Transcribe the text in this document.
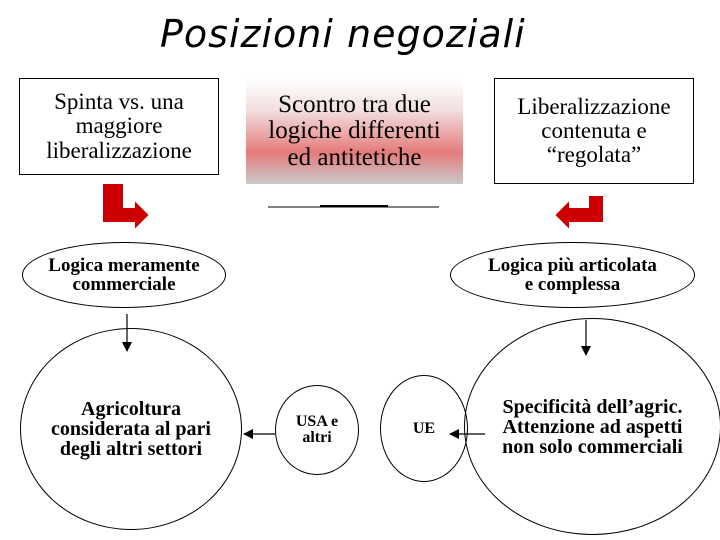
Posizioni negoziali
Spinta vs. una
maggiore
liberalizzazione
Scontro tra due
logiche differenti
ed antitetiche
Liberalizzazione
contenuta e
“regolata”
Logica meramente
commerciale
Logica più articolata
e complessa
Agricoltura
considerata al pari
degli altri settori
USA e
altri
UE
Specificità dell’agric.
Attenzione ad aspetti
non solo commerciali
